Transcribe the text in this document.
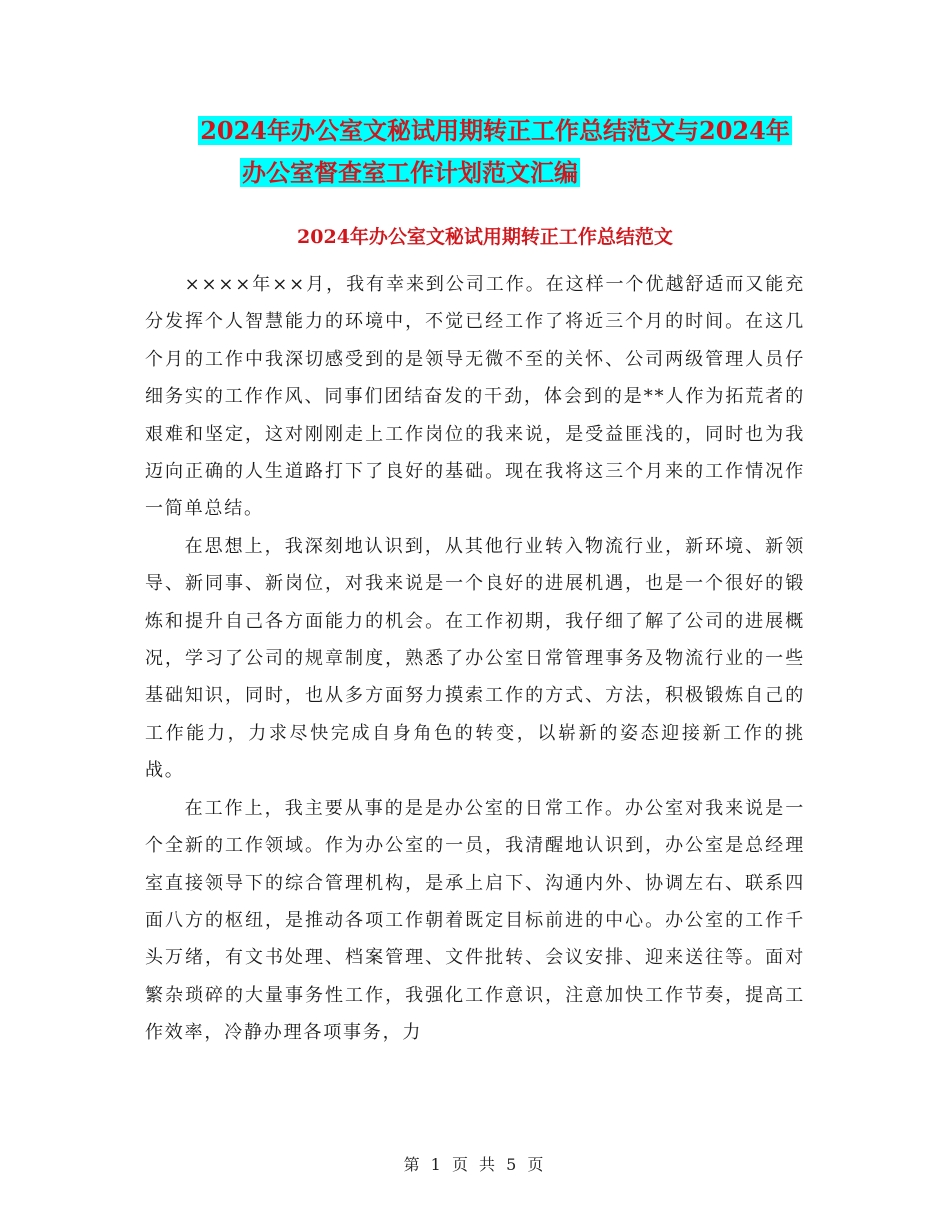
2024年办公室文秘试用期转正工作总结范文与2024年
办公室督查室工作计划范文汇编
2024年办公室文秘试用期转正工作总结范文

××××年××月，我有幸来到公司工作。在这样一个优越舒适而又能充分发挥个人智慧能力的环境中，不觉已经工作了将近三个月的时间。在这几个月的工作中我深切感受到的是领导无微不至的关怀、公司两级管理人员仔细务实的工作作风、同事们团结奋发的干劲，体会到的是**人作为拓荒者的艰难和坚定，这对刚刚走上工作岗位的我来说，是受益匪浅的，同时也为我迈向正确的人生道路打下了良好的基础。现在我将这三个月来的工作情况作一简单总结。

在思想上，我深刻地认识到，从其他行业转入物流行业，新环境、新领导、新同事、新岗位，对我来说是一个良好的进展机遇，也是一个很好的锻炼和提升自己各方面能力的机会。在工作初期，我仔细了解了公司的进展概况，学习了公司的规章制度，熟悉了办公室日常管理事务及物流行业的一些基础知识，同时，也从多方面努力摸索工作的方式、方法，积极锻炼自己的工作能力，力求尽快完成自身角色的转变，以崭新的姿态迎接新工作的挑战。

在工作上，我主要从事的是是办公室的日常工作。办公室对我来说是一个全新的工作领域。作为办公室的一员，我清醒地认识到，办公室是总经理室直接领导下的综合管理机构，是承上启下、沟通内外、协调左右、联系四面八方的枢纽，是推动各项工作朝着既定目标前进的中心。办公室的工作千头万绪，有文书处理、档案管理、文件批转、会议安排、迎来送往等。面对繁杂琐碎的大量事务性工作，我强化工作意识，注意加快工作节奏，提高工作效率，冷静办理各项事务，力

第 1 页 共 5 页
